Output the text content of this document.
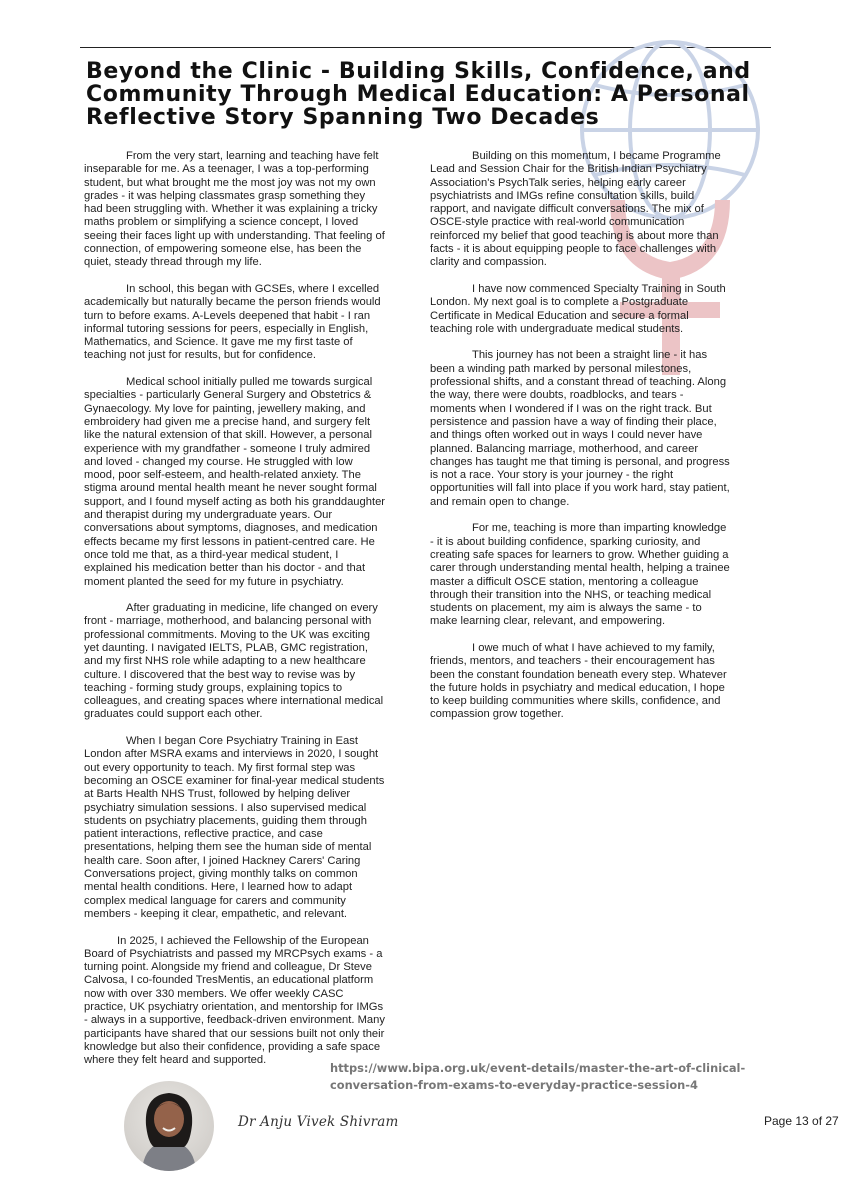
Beyond the Clinic - Building Skills, Confidence, and Community Through Medical Education: A Personal Reflective Story Spanning Two Decades

From the very start, learning and teaching have felt inseparable for me. As a teenager, I was a top-performing student, but what brought me the most joy was not my own grades - it was helping classmates grasp something they had been struggling with. Whether it was explaining a tricky maths problem or simplifying a science concept, I loved seeing their faces light up with understanding. That feeling of connection, of empowering someone else, has been the quiet, steady thread through my life.

In school, this began with GCSEs, where I excelled academically but naturally became the person friends would turn to before exams. A-Levels deepened that habit - I ran informal tutoring sessions for peers, especially in English, Mathematics, and Science. It gave me my first taste of teaching not just for results, but for confidence.

Medical school initially pulled me towards surgical specialties - particularly General Surgery and Obstetrics & Gynaecology. My love for painting, jewellery making, and embroidery had given me a precise hand, and surgery felt like the natural extension of that skill. However, a personal experience with my grandfather - someone I truly admired and loved - changed my course. He struggled with low mood, poor self-esteem, and health-related anxiety. The stigma around mental health meant he never sought formal support, and I found myself acting as both his granddaughter and therapist during my undergraduate years. Our conversations about symptoms, diagnoses, and medication effects became my first lessons in patient-centred care. He once told me that, as a third-year medical student, I explained his medication better than his doctor - and that moment planted the seed for my future in psychiatry.

After graduating in medicine, life changed on every front - marriage, motherhood, and balancing personal with professional commitments. Moving to the UK was exciting yet daunting. I navigated IELTS, PLAB, GMC registration, and my first NHS role while adapting to a new healthcare culture. I discovered that the best way to revise was by teaching - forming study groups, explaining topics to colleagues, and creating spaces where international medical graduates could support each other.

When I began Core Psychiatry Training in East London after MSRA exams and interviews in 2020, I sought out every opportunity to teach. My first formal step was becoming an OSCE examiner for final-year medical students at Barts Health NHS Trust, followed by helping deliver psychiatry simulation sessions. I also supervised medical students on psychiatry placements, guiding them through patient interactions, reflective practice, and case presentations, helping them see the human side of mental health care. Soon after, I joined Hackney Carers' Caring Conversations project, giving monthly talks on common mental health conditions. Here, I learned how to adapt complex medical language for carers and community members - keeping it clear, empathetic, and relevant.

In 2025, I achieved the Fellowship of the European Board of Psychiatrists and passed my MRCPsych exams - a turning point. Alongside my friend and colleague, Dr Steve Calvosa, I co-founded TresMentis, an educational platform now with over 330 members. We offer weekly CASC practice, UK psychiatry orientation, and mentorship for IMGs - always in a supportive, feedback-driven environment. Many participants have shared that our sessions built not only their knowledge but also their confidence, providing a safe space where they felt heard and supported.

Building on this momentum, I became Programme Lead and Session Chair for the British Indian Psychiatry Association's PsychTalk series, helping early career psychiatrists and IMGs refine consultation skills, build rapport, and navigate difficult conversations. The mix of OSCE-style practice with real-world communication reinforced my belief that good teaching is about more than facts - it is about equipping people to face challenges with clarity and compassion.

I have now commenced Specialty Training in South London. My next goal is to complete a Postgraduate Certificate in Medical Education and secure a formal teaching role with undergraduate medical students.

This journey has not been a straight line - it has been a winding path marked by personal milestones, professional shifts, and a constant thread of teaching. Along the way, there were doubts, roadblocks, and tears - moments when I wondered if I was on the right track. But persistence and passion have a way of finding their place, and things often worked out in ways I could never have planned. Balancing marriage, motherhood, and career changes has taught me that timing is personal, and progress is not a race. Your story is your journey - the right opportunities will fall into place if you work hard, stay patient, and remain open to change.

For me, teaching is more than imparting knowledge - it is about building confidence, sparking curiosity, and creating safe spaces for learners to grow. Whether guiding a carer through understanding mental health, helping a trainee master a difficult OSCE station, mentoring a colleague through their transition into the NHS, or teaching medical students on placement, my aim is always the same - to make learning clear, relevant, and empowering.

I owe much of what I have achieved to my family, friends, mentors, and teachers - their encouragement has been the constant foundation beneath every step. Whatever the future holds in psychiatry and medical education, I hope to keep building communities where skills, confidence, and compassion grow together.

https://www.bipa.org.uk/event-details/master-the-art-of-clinical-conversation-from-exams-to-everyday-practice-session-4

Dr Anju Vivek Shivram	Page 13 of 27
